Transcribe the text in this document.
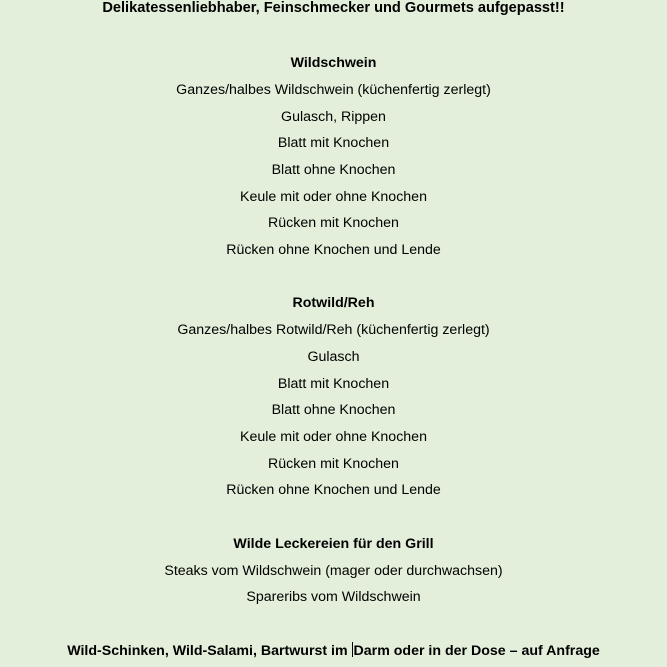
Delikatessenliebhaber, Feinschmecker und Gourmets aufgepasst!!
Wildschwein
Ganzes/halbes Wildschwein (küchenfertig zerlegt)
Gulasch, Rippen
Blatt mit Knochen
Blatt ohne Knochen
Keule mit oder ohne Knochen
Rücken mit Knochen
Rücken ohne Knochen und Lende
Rotwild/Reh
Ganzes/halbes Rotwild/Reh (küchenfertig zerlegt)
Gulasch
Blatt mit Knochen
Blatt ohne Knochen
Keule mit oder ohne Knochen
Rücken mit Knochen
Rücken ohne Knochen und Lende
Wilde Leckereien für den Grill
Steaks vom Wildschwein (mager oder durchwachsen)
Spareribs vom Wildschwein
Wild-Schinken, Wild-Salami, Bartwurst im Darm oder in der Dose – auf Anfrage
